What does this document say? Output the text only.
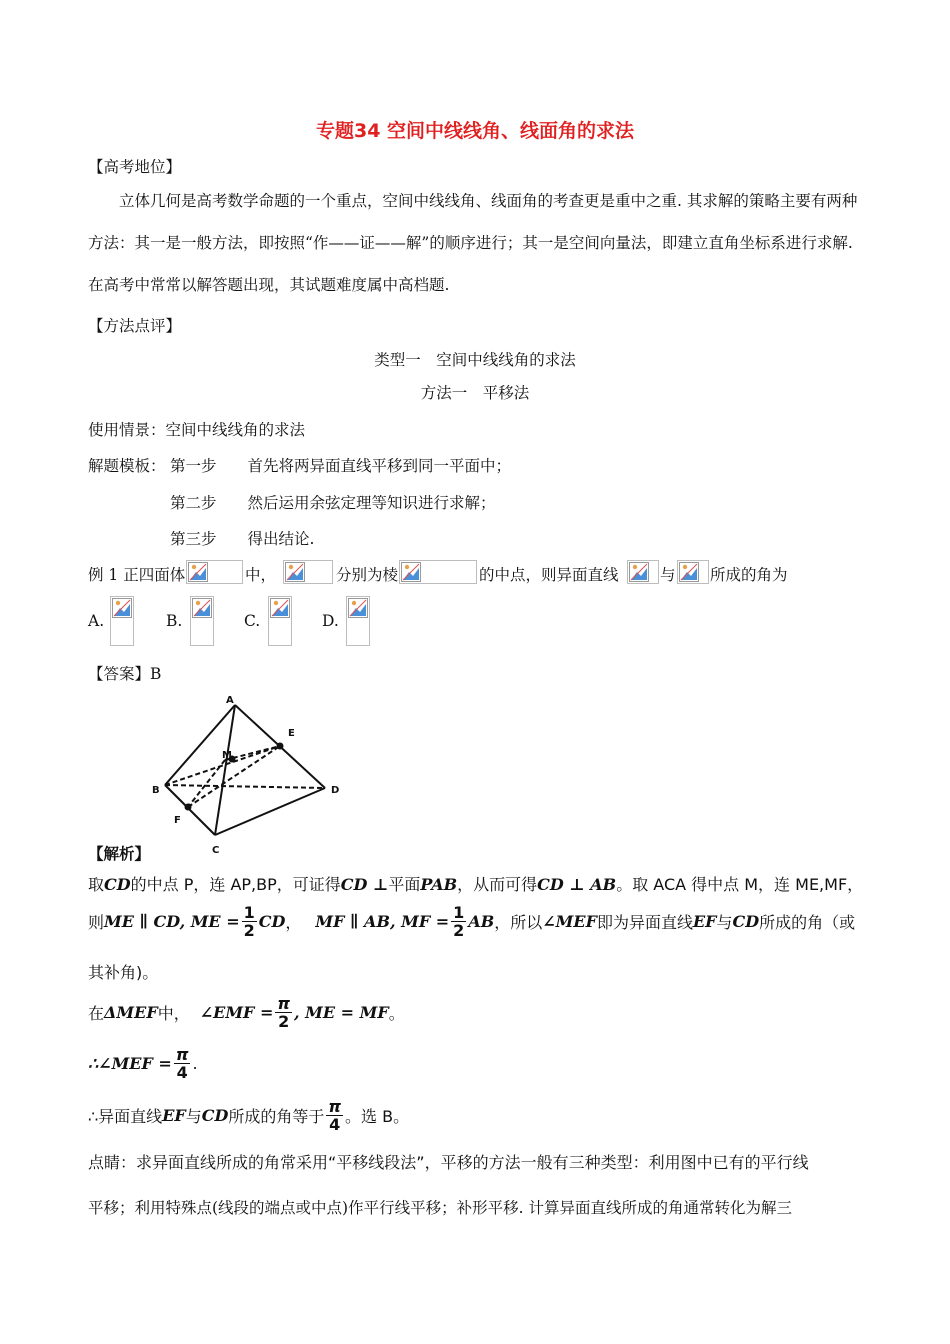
专题34 空间中线线角、线面角的求法
【高考地位】
立体几何是高考数学命题的一个重点，空间中线线角、线面角的考查更是重中之重. 其求解的策略主要有两种方法：其一是一般方法，即按照“作——证——解”的顺序进行；其一是空间向量法，即建立直角坐标系进行求解. 在高考中常常以解答题出现，其试题难度属中高档题.
【方法点评】
类型一　空间中线线角的求法
方法一　平移法
使用情景：空间中线线角的求法
解题模板： 第一步　　首先将两异面直线平移到同一平面中；
第二步　　然后运用余弦定理等知识进行求解；
第三步　　得出结论.
例 1 正四面体	中，	分别为棱	的中点，则异面直线	与 所成的角为
A.	B.	C.	D.
【答案】B
A
B
C
D
E
F
M
【解析】
取CD的中点 P，连 AP,BP，可证得CD ⊥平面PAB，从而可得CD ⊥ AB。取 ACA 得中点 M，连 ME,MF，
则ME ∥ CD, ME = $\frac{1}{2}$ CD， MF ∥ AB, MF = $\frac{1}{2}$ AB，所以∠MEF即为异面直线EF与CD所成的角（或
其补角)。
在ΔMEF中， ∠EMF = $\frac{\pi}{2}$ , ME = MF。
∴∠MEF = $\frac{\pi}{4}$ .
∴异面直线EF与CD所成的角等于 $\frac{\pi}{4}$ 。选 B。
点睛：求异面直线所成的角常采用“平移线段法”，平移的方法一般有三种类型：利用图中已有的平行线
平移；利用特殊点(线段的端点或中点)作平行线平移；补形平移. 计算异面直线所成的角通常转化为解三
